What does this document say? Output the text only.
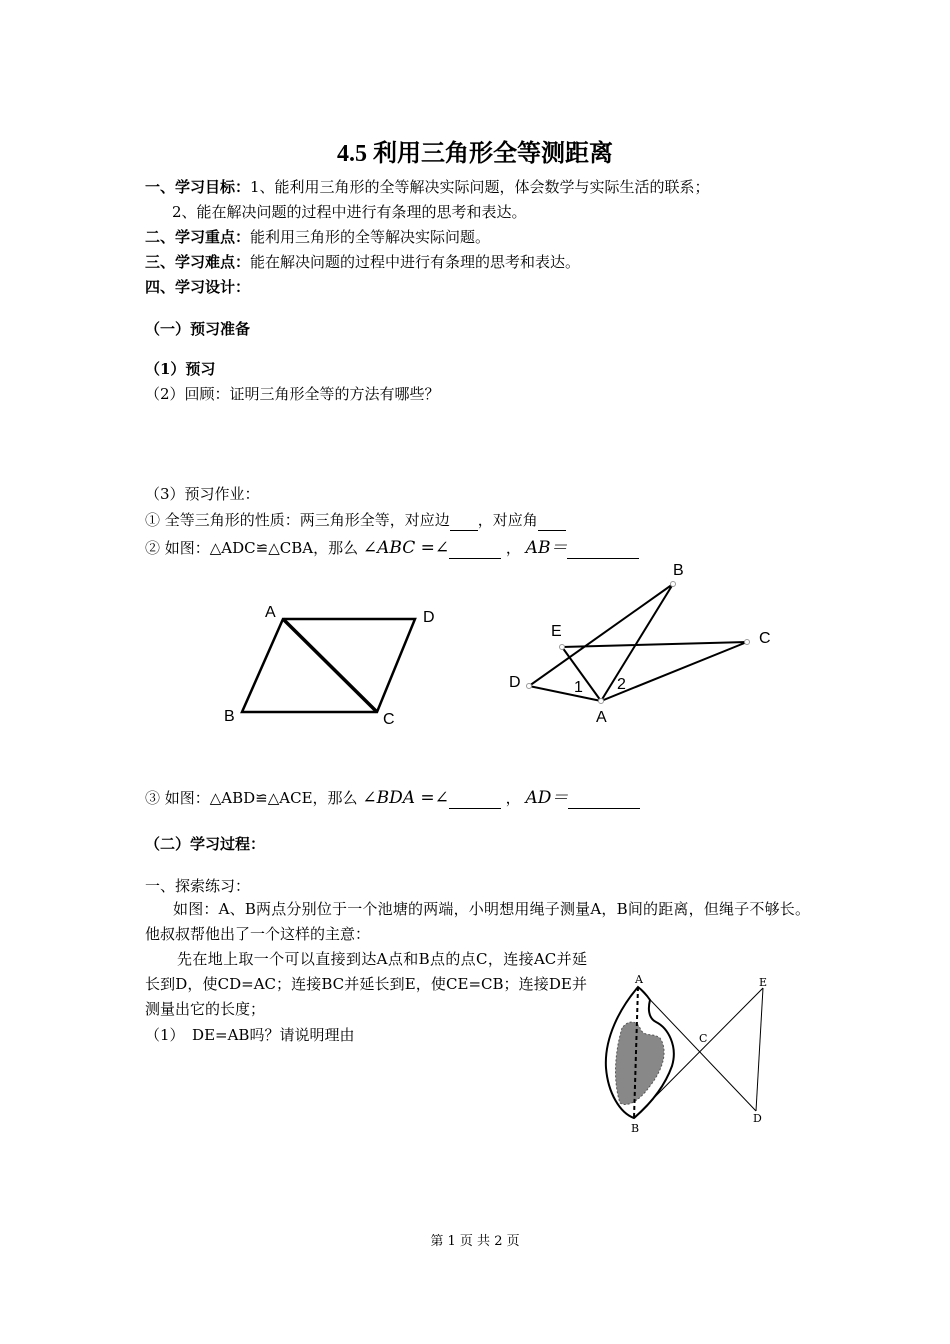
4.5 利用三角形全等测距离
一、学习目标：1、能利用三角形的全等解决实际问题，体会数学与实际生活的联系；
2、能在解决问题的过程中进行有条理的思考和表达。
二、学习重点：能利用三角形的全等解决实际问题。
三、学习难点：能在解决问题的过程中进行有条理的思考和表达。
四、学习设计：
（一）预习准备
（1）预习
（2）回顾：证明三角形全等的方法有哪些？
（3）预习作业：
① 全等三角形的性质：两三角形全等，对应边 ，对应角
② 如图：△ADC≌△CBA，那么 ∠ABC =∠	， AB＝
A	D
B	C
B
C
E
D
A
1 2
③ 如图：△ABD≌△ACE，那么 ∠BDA =∠	， AD＝
（二）学习过程：
一、探索练习：
如图：A、B两点分别位于一个池塘的两端，小明想用绳子测量A，B间的距离，但绳子不够长。他叔叔帮他出了一个这样的主意：
先在地上取一个可以直接到达A点和B点的点C，连接AC并延长到D，使CD=AC；连接BC并延长到E，使CE=CB；连接DE并测量出它的长度；
（1）　DE=AB吗？请说明理由
A	E
C
B
D
第 1 页 共 2 页
